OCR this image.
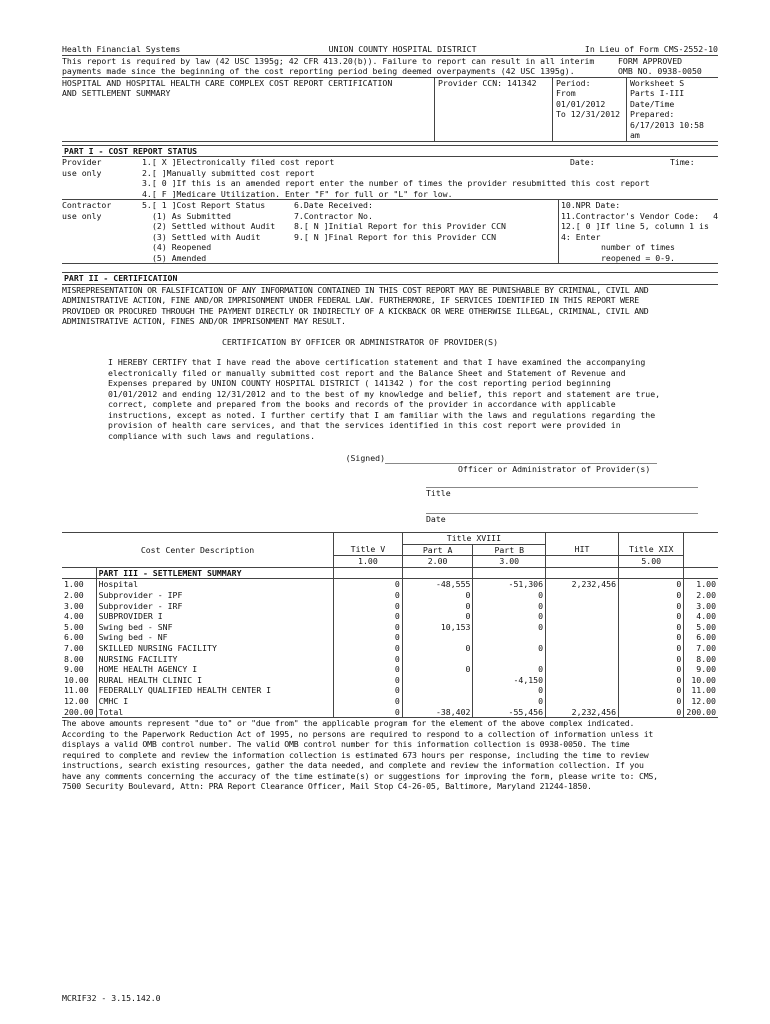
Health Financial Systems	UNION COUNTY HOSPITAL DISTRICT	In Lieu of Form CMS-2552-10
This report is required by law (42 USC 1395g; 42 CFR 413.20(b)). Failure to report can result in all interim
payments made since the beginning of the cost reporting period being deemed overpayments (42 USC 1395g).
FORM APPROVED
OMB NO. 0938-0050
HOSPITAL AND HOSPITAL HEALTH CARE COMPLEX COST REPORT CERTIFICATION
AND SETTLEMENT SUMMARY
Provider CCN: 141342	Period:
From 01/01/2012
To 12/31/2012
Worksheet S
Parts I-III
Date/Time Prepared:
6/17/2013 10:58 am
PART I - COST REPORT STATUS
Provider
use only
1.[ X ]Electronically filed cost report	Date:	Time:
2.[ ]Manually submitted cost report
3.[ 0 ]If this is an amended report enter the number of times the provider resubmitted this cost report
4.[ F ]Medicare Utilization. Enter "F" for full or "L" for low.
Contractor
use only
5.[ 1 ]Cost Report Status
(1) As Submitted
(2) Settled without Audit
(3) Settled with Audit
(4) Reopened
(5) Amended
6.Date Received:
7.Contractor No.
8.[ N ]Initial Report for this Provider CCN
9.[ N ]Final Report for this Provider CCN
10.NPR Date:
11.Contractor's Vendor Code:	4
12.[ 0 ]If line 5, column 1 is 4: Enter
number of times reopened = 0-9.
PART II - CERTIFICATION
MISREPRESENTATION OR FALSIFICATION OF ANY INFORMATION CONTAINED IN THIS COST REPORT MAY BE PUNISHABLE BY CRIMINAL, CIVIL AND
ADMINISTRATIVE ACTION, FINE AND/OR IMPRISONMENT UNDER FEDERAL LAW. FURTHERMORE, IF SERVICES IDENTIFIED IN THIS REPORT WERE
PROVIDED OR PROCURED THROUGH THE PAYMENT DIRECTLY OR INDIRECTLY OF A KICKBACK OR WERE OTHERWISE ILLEGAL, CRIMINAL, CIVIL AND
ADMINISTRATIVE ACTION, FINES AND/OR IMPRISONMENT MAY RESULT.
CERTIFICATION BY OFFICER OR ADMINISTRATOR OF PROVIDER(S)
I HEREBY CERTIFY that I have read the above certification statement and that I have examined the accompanying
electronically filed or manually submitted cost report and the Balance Sheet and Statement of Revenue and
Expenses prepared by UNION COUNTY HOSPITAL DISTRICT ( 141342 ) for the cost reporting period beginning
01/01/2012 and ending 12/31/2012 and to the best of my knowledge and belief, this report and statement are true,
correct, complete and prepared from the books and records of the provider in accordance with applicable
instructions, except as noted. I further certify that I am familiar with the laws and regulations regarding the
provision of health care services, and that the services identified in this cost report were provided in
compliance with such laws and regulations.
(Signed)
Officer or Administrator of Provider(s)
Title
Date
			Title XVIII				
Cost Center Description		Title V	Part A	Part B	HIT	Title XIX	
		1.00	2.00	3.00		5.00	
	PART III - SETTLEMENT SUMMARY						
1.00	Hospital	0	-48,555	-51,306	2,232,456	0	1.00
2.00	Subprovider - IPF	0	0	0		0	2.00
3.00	Subprovider - IRF	0	0	0		0	3.00
4.00	SUBPROVIDER I	0	0	0		0	4.00
5.00	Swing bed - SNF	0	10,153	0		0	5.00
6.00	Swing bed - NF	0				0	6.00
7.00	SKILLED NURSING FACILITY	0	0	0		0	7.00
8.00	NURSING FACILITY	0				0	8.00
9.00	HOME HEALTH AGENCY I	0	0	0		0	9.00
10.00	RURAL HEALTH CLINIC I	0		-4,150		0	10.00
11.00	FEDERALLY QUALIFIED HEALTH CENTER I	0		0		0	11.00
12.00	CMHC I	0		0		0	12.00
200.00	Total	0	-38,402	-55,456	2,232,456	0	200.00
The above amounts represent "due to" or "due from" the applicable program for the element of the above complex indicated.
According to the Paperwork Reduction Act of 1995, no persons are required to respond to a collection of information unless it
displays a valid OMB control number. The valid OMB control number for this information collection is 0938-0050. The time
required to complete and review the information collection is estimated 673 hours per response, including the time to review
instructions, search existing resources, gather the data needed, and complete and review the information collection. If you
have any comments concerning the accuracy of the time estimate(s) or suggestions for improving the form, please write to: CMS,
7500 Security Boulevard, Attn: PRA Report Clearance Officer, Mail Stop C4-26-05, Baltimore, Maryland 21244-1850.
MCRIF32 - 3.15.142.0
